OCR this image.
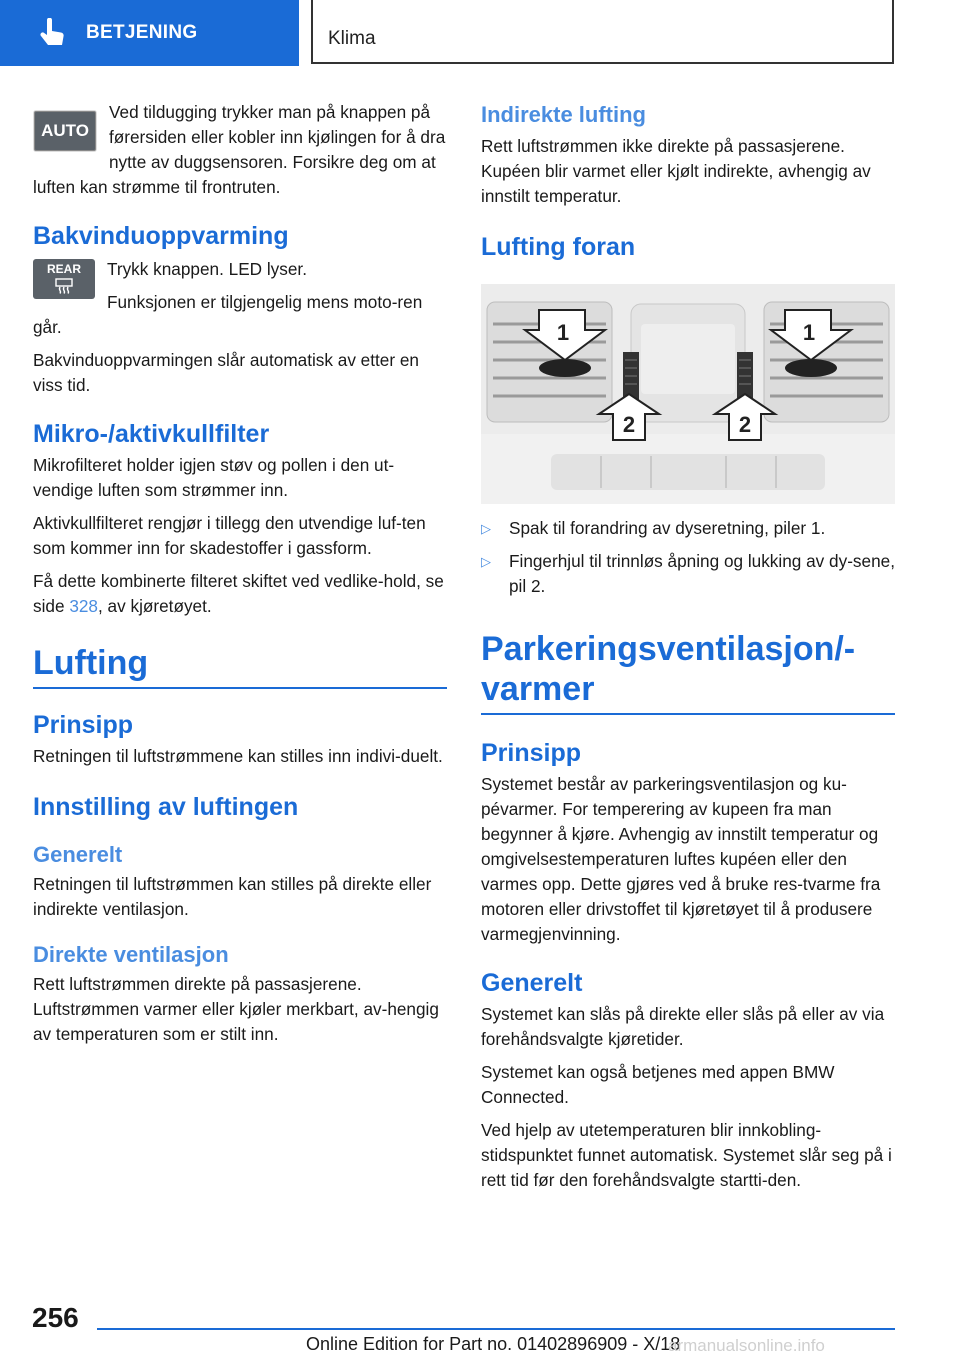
BETJENING	Klima
AUTO

Ved tildugging trykker man på knappen på førersiden eller kobler inn kjølingen for å dra nytte av duggsensoren. Forsikre deg om at luften kan strømme til frontruten.

Bakvinduoppvarming
REAR	Trykk knappen. LED lyser.

Funksjonen er tilgjengelig mens moto-ren går.

Bakvinduoppvarmingen slår automatisk av etter en viss tid.

Mikro-/aktivkullfilter

Mikrofilteret holder igjen støv og pollen i den ut-vendige luften som strømmer inn.

Aktivkullfilteret rengjør i tillegg den utvendige luf-ten som kommer inn for skadestoffer i gassform.

Få dette kombinerte filteret skiftet ved vedlike-hold, se side 328, av kjøretøyet.

Lufting
Prinsipp

Retningen til luftstrømmene kan stilles inn indivi-duelt.

Innstilling av luftingen
Generelt

Retningen til luftstrømmen kan stilles på direkte eller indirekte ventilasjon.

Direkte ventilasjon

Rett luftstrømmen direkte på passasjerene. Luftstrømmen varmer eller kjøler merkbart, av-hengig av temperaturen som er stilt inn.

Indirekte lufting

Rett luftstrømmen ikke direkte på passasjerene. Kupéen blir varmet eller kjølt indirekte, avhengig av innstilt temperatur.

Lufting foran
1	1
2	2
▷	Spak til forandring av dyseretning, piler 1.

▷	Fingerhjul til trinnløs åpning og lukking av dy-sene, pil 2.

Parkeringsventilasjon/-varmer
Prinsipp

Systemet består av parkeringsventilasjon og ku-pévarmer. For temperering av kupeen fra man begynner å kjøre. Avhengig av innstilt temperatur og omgivelsestemperaturen luftes kupéen eller den varmes opp. Dette gjøres ved å bruke res-tvarme fra motoren eller drivstoffet til kjøretøyet til å produsere varmegjenvinning.

Generelt

Systemet kan slås på direkte eller slås på eller av via forehåndsvalgte kjøretider.

Systemet kan også betjenes med appen BMW Connected.

Ved hjelp av utetemperaturen blir innkobling-stidspunktet funnet automatisk. Systemet slår seg på i rett tid før den forehåndsvalgte startti-den.

256
Online Edition for Part no. 01402896909 - X/18
armanualsonline.info
